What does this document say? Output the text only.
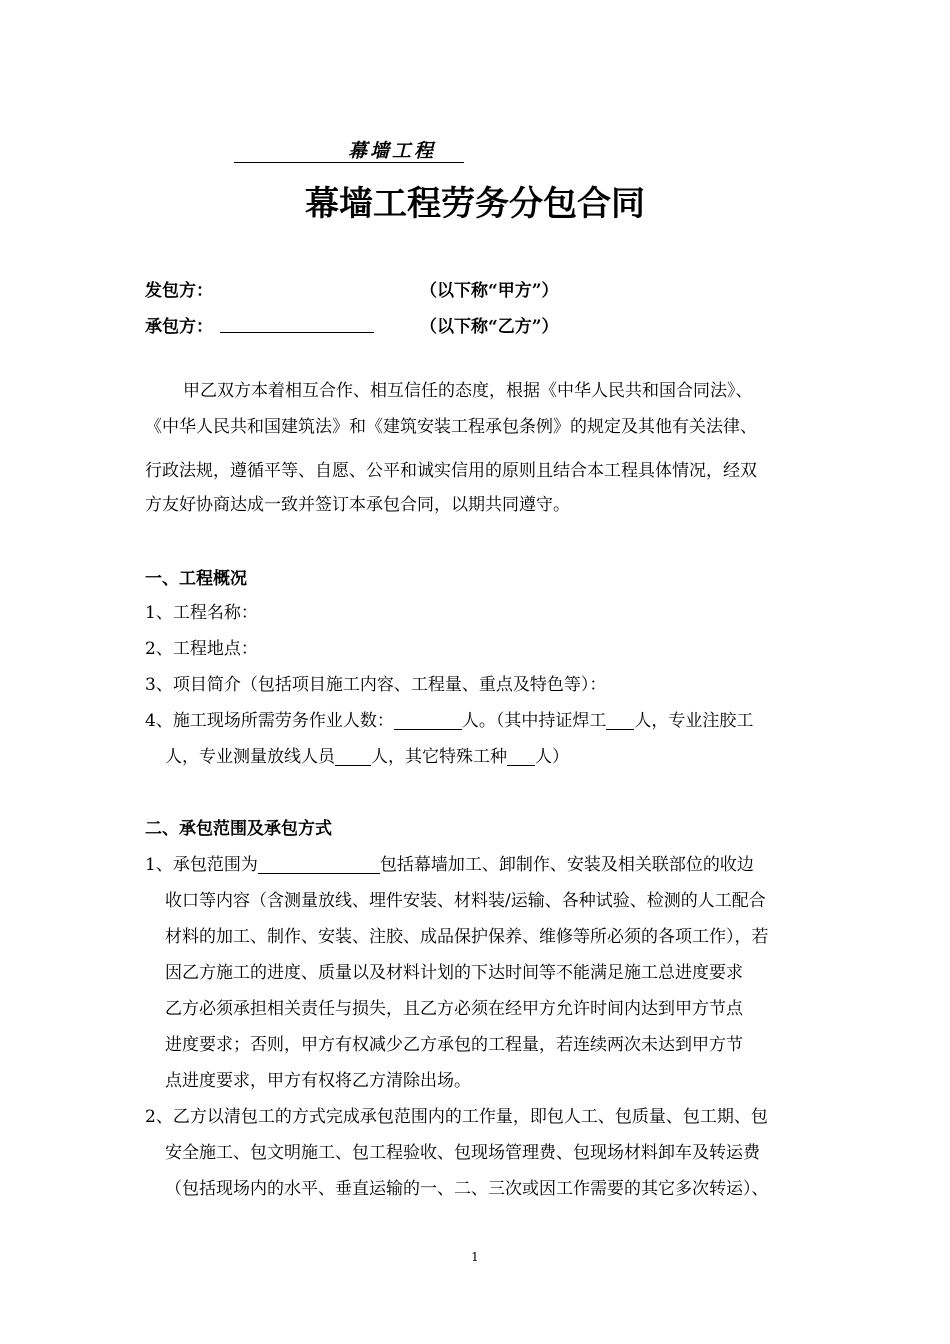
幕墙工程
幕墙工程劳务分包合同
发包方：	（以下称“甲方”）
承包方：	（以下称“乙方”）
甲乙双方本着相互合作、相互信任的态度，根据《中华人民共和国合同法》、
《中华人民共和国建筑法》和《建筑安装工程承包条例》的规定及其他有关法律、
行政法规，遵循平等、自愿、公平和诚实信用的原则且结合本工程具体情况，经双
方友好协商达成一致并签订本承包合同，以期共同遵守。
一、工程概况
1、工程名称：
2、工程地点：
3、项目简介（包括项目施工内容、工程量、重点及特色等）：
4、施工现场所需劳务作业人数：	人。（其中持证焊工 人，专业注胶工
人，专业测量放线人员 人，其它特殊工种 人）
二、承包范围及承包方式
1、承包范围为	包括幕墙加工、卸制作、安装及相关联部位的收边
收口等内容（含测量放线、埋件安装、材料装/运输、各种试验、检测的人工配合
材料的加工、制作、安装、注胶、成品保护保养、维修等所必须的各项工作），若
因乙方施工的进度、质量以及材料计划的下达时间等不能满足施工总进度要求
乙方必须承担相关责任与损失，且乙方必须在经甲方允许时间内达到甲方节点
进度要求；否则，甲方有权减少乙方承包的工程量，若连续两次未达到甲方节
点进度要求，甲方有权将乙方清除出场。
2、乙方以清包工的方式完成承包范围内的工作量，即包人工、包质量、包工期、包
安全施工、包文明施工、包工程验收、包现场管理费、包现场材料卸车及转运费
（包括现场内的水平、垂直运输的一、二、三次或因工作需要的其它多次转运）、
1
